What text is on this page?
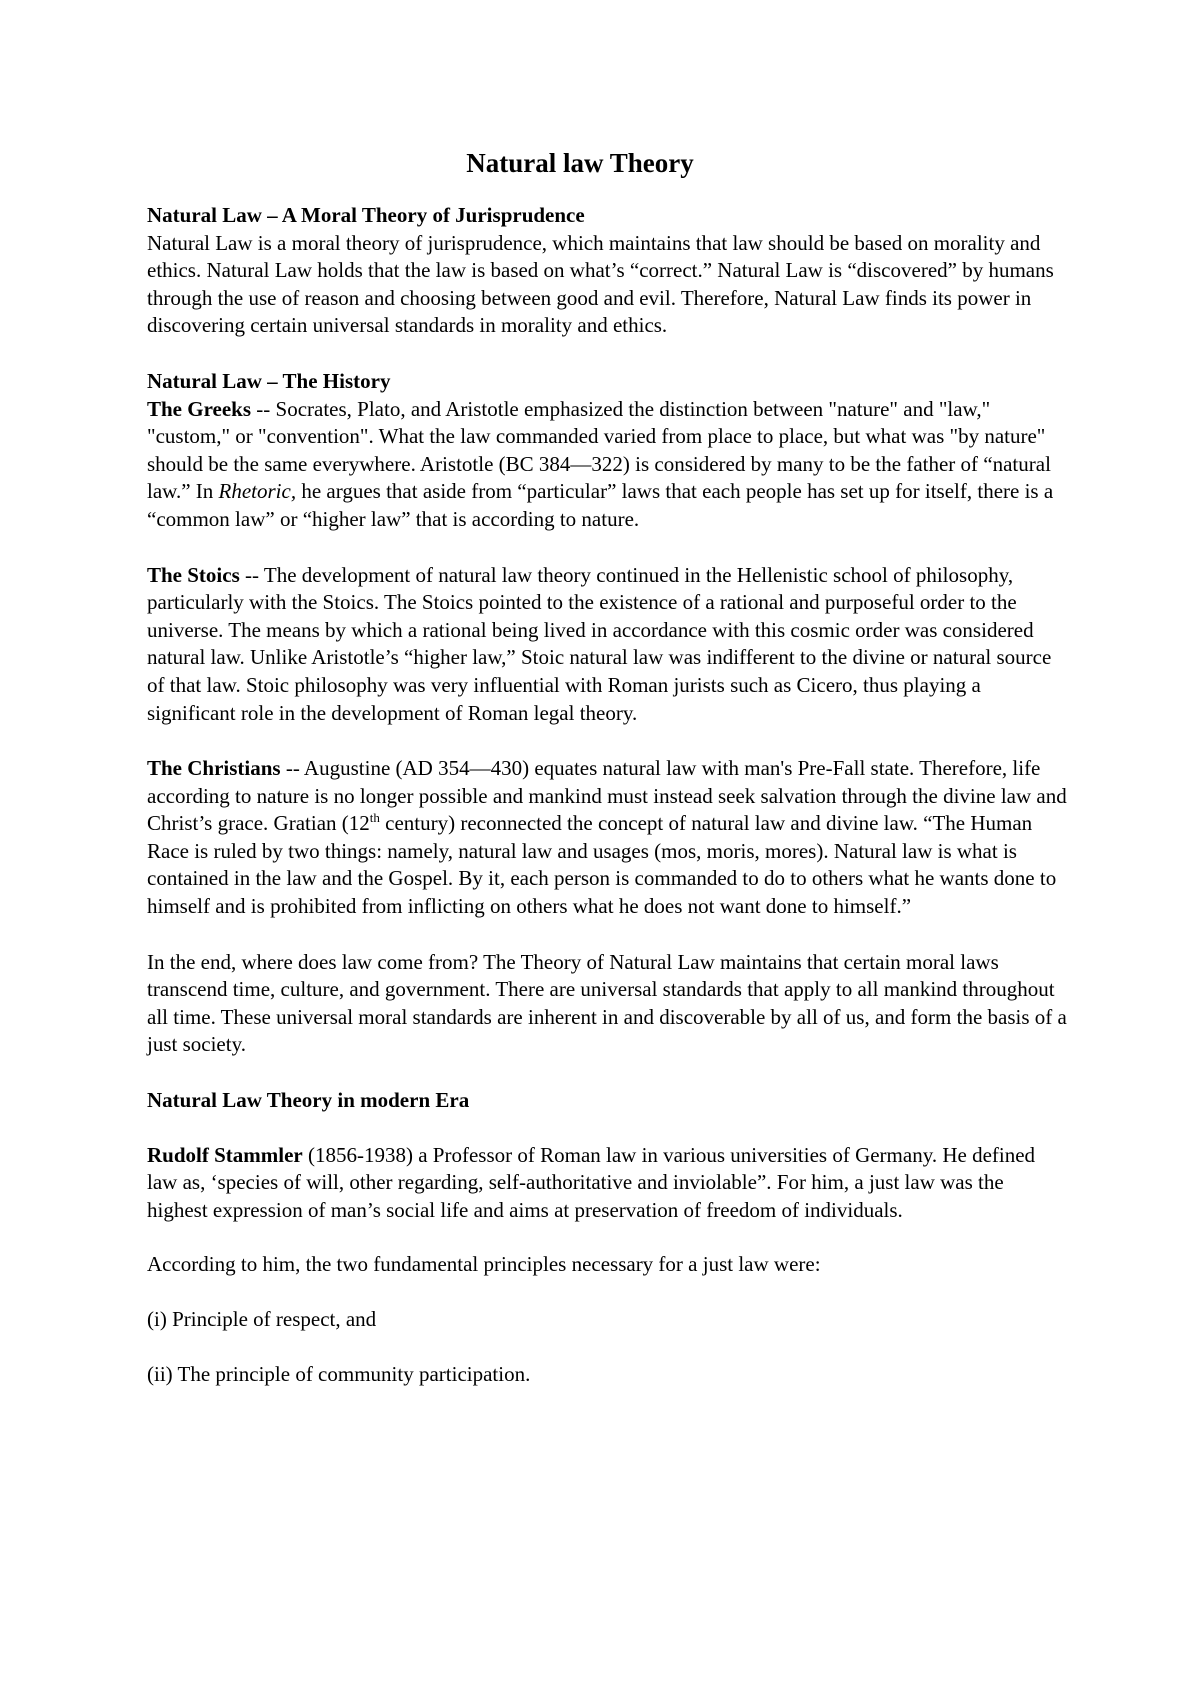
Natural law Theory

Natural Law – A Moral Theory of Jurisprudence

Natural Law is a moral theory of jurisprudence, which maintains that law should be based on morality and ethics. Natural Law holds that the law is based on what’s “correct.” Natural Law is “discovered” by humans through the use of reason and choosing between good and evil. Therefore, Natural Law finds its power in discovering certain universal standards in morality and ethics.

Natural Law – The History

The Greeks -- Socrates, Plato, and Aristotle emphasized the distinction between "nature" and "law," "custom," or "convention". What the law commanded varied from place to place, but what was "by nature" should be the same everywhere. Aristotle (BC 384—322) is considered by many to be the father of “natural law.” In Rhetoric, he argues that aside from “particular” laws that each people has set up for itself, there is a “common law” or “higher law” that is according to nature.

The Stoics -- The development of natural law theory continued in the Hellenistic school of philosophy, particularly with the Stoics. The Stoics pointed to the existence of a rational and purposeful order to the universe. The means by which a rational being lived in accordance with this cosmic order was considered natural law. Unlike Aristotle’s “higher law,” Stoic natural law was indifferent to the divine or natural source of that law. Stoic philosophy was very influential with Roman jurists such as Cicero, thus playing a significant role in the development of Roman legal theory.

The Christians -- Augustine (AD 354—430) equates natural law with man's Pre-Fall state. Therefore, life according to nature is no longer possible and mankind must instead seek salvation through the divine law and Christ’s grace. Gratian (12th century) reconnected the concept of natural law and divine law. “The Human Race is ruled by two things: namely, natural law and usages (mos, moris, mores). Natural law is what is contained in the law and the Gospel. By it, each person is commanded to do to others what he wants done to himself and is prohibited from inflicting on others what he does not want done to himself.”

In the end, where does law come from? The Theory of Natural Law maintains that certain moral laws transcend time, culture, and government. There are universal standards that apply to all mankind throughout all time. These universal moral standards are inherent in and discoverable by all of us, and form the basis of a just society.

Natural Law Theory in modern Era

Rudolf Stammler (1856-1938) a Professor of Roman law in various universities of Germany. He defined law as, ‘species of will, other regarding, self-authoritative and inviolable”. For him, a just law was the highest expression of man’s social life and aims at preservation of freedom of individuals.

According to him, the two fundamental principles necessary for a just law were:

(i) Principle of respect, and

(ii) The principle of community participation.
